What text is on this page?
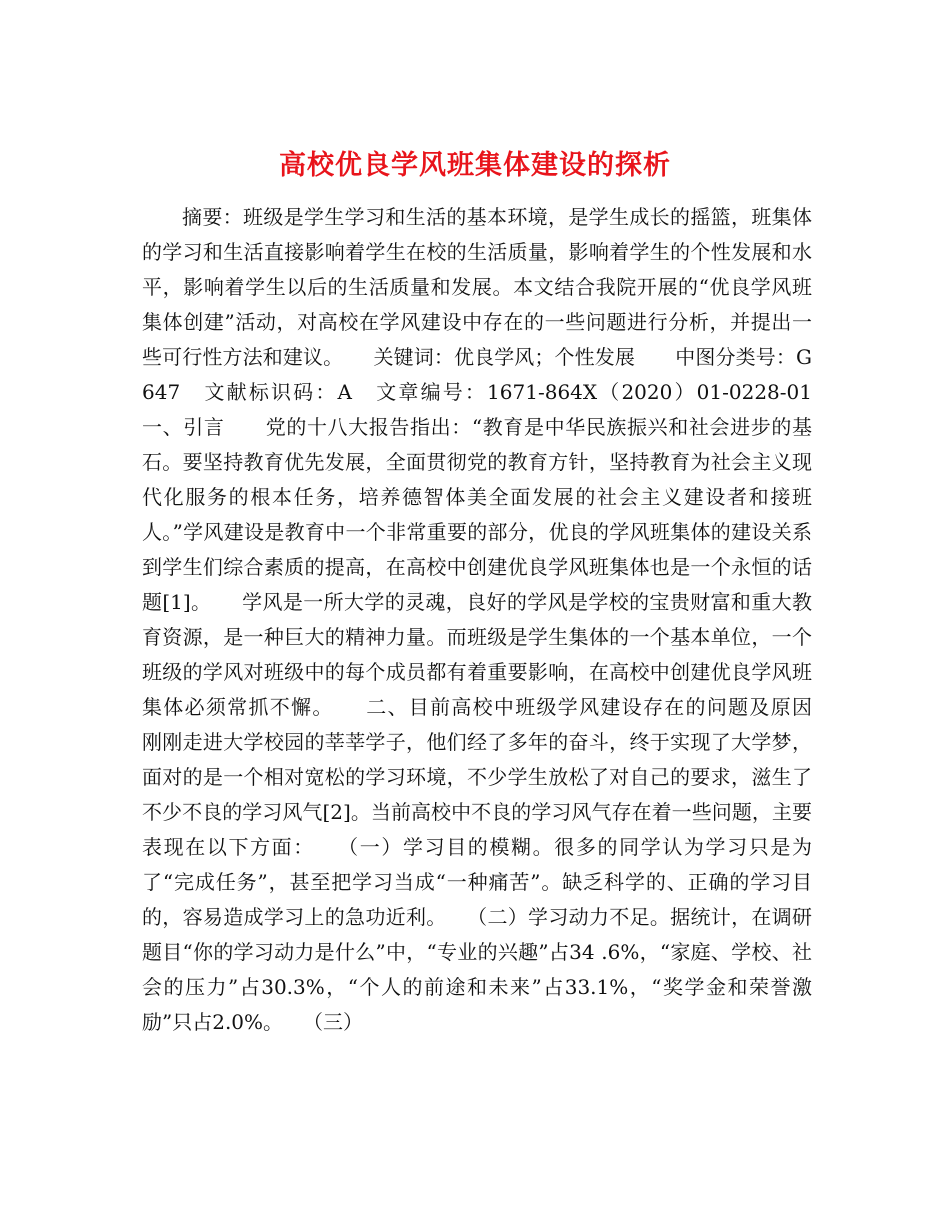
高校优良学风班集体建设的探析

摘要：班级是学生学习和生活的基本环境，是学生成长的摇篮，班集体的学习和生活直接影响着学生在校的生活质量，影响着学生的个性发展和水平，影响着学生以后的生活质量和发展。本文结合我院开展的“优良学风班集体创建”活动，对高校在学风建设中存在的一些问题进行分析，并提出一些可行性方法和建议。　　关键词：优良学风；个性发展　　中图分类号：G647　文献标识码：A　文章编号：1671-864X（2020）01-0228-01　　一、引言　　党的十八大报告指出：“教育是中华民族振兴和社会进步的基石。要坚持教育优先发展，全面贯彻党的教育方针，坚持教育为社会主义现代化服务的根本任务，培养德智体美全面发展的社会主义建设者和接班人。”学风建设是教育中一个非常重要的部分，优良的学风班集体的建设关系到学生们综合素质的提高，在高校中创建优良学风班集体也是一个永恒的话题[1]。　　学风是一所大学的灵魂，良好的学风是学校的宝贵财富和重大教育资源，是一种巨大的精神力量。而班级是学生集体的一个基本单位，一个班级的学风对班级中的每个成员都有着重要影响，在高校中创建优良学风班集体必须常抓不懈。　　二、目前高校中班级学风建设存在的问题及原因　　刚刚走进大学校园的莘莘学子，他们经了多年的奋斗，终于实现了大学梦，面对的是一个相对宽松的学习环境，不少学生放松了对自己的要求，滋生了不少不良的学习风气[2]。当前高校中不良的学习风气存在着一些问题，主要表现在以下方面：　　（一）学习目的模糊。很多的同学认为学习只是为了“完成任务”，甚至把学习当成“一种痛苦”。缺乏科学的、正确的学习目的，容易造成学习上的急功近利。　　（二）学习动力不足。据统计，在调研题目“你的学习动力是什么”中，“专业的兴趣”占34 .6%，“家庭、学校、社会的压力”占30.3%，“个人的前途和未来”占33.1%，“奖学金和荣誉激励”只占2.0%。　　（三）
